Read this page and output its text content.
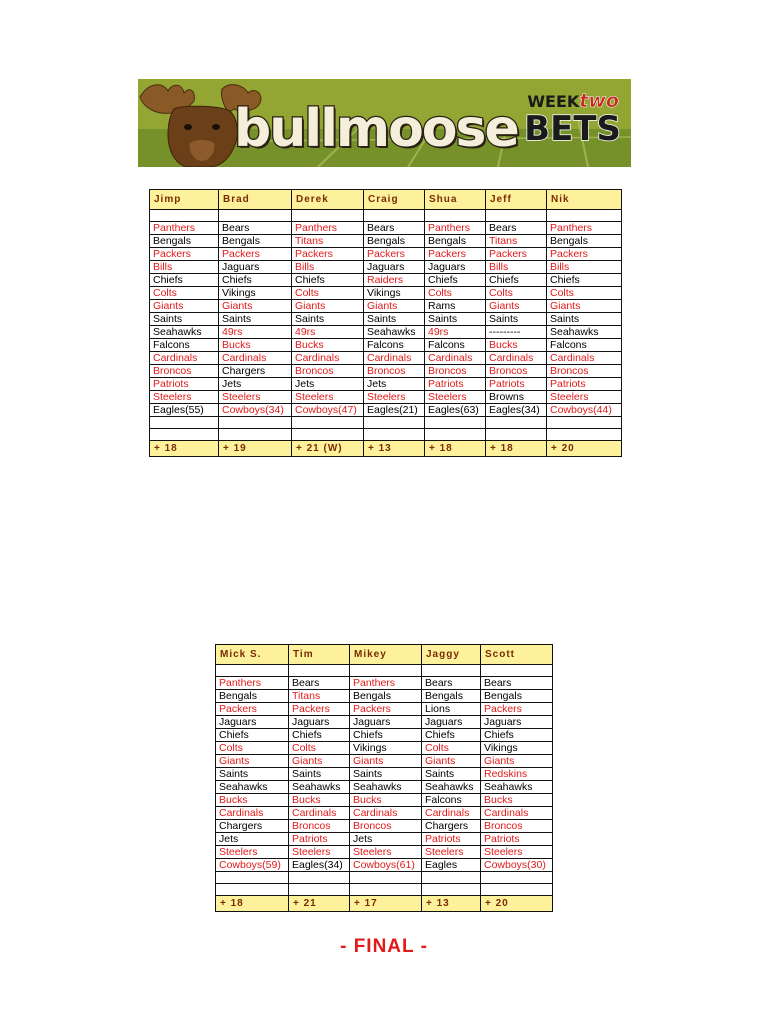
bullmoose WEEKtwo
BETS
Jimp	Brad	Derek	Craig	Shua	Jeff	Nik

Panthers	Bears	Panthers	Bears	Panthers	Bears	Panthers
Bengals	Bengals	Titans	Bengals	Bengals	Titans	Bengals
Packers	Packers	Packers	Packers	Packers	Packers	Packers
Bills	Jaguars	Bills	Jaguars	Jaguars	Bills	Bills
Chiefs	Chiefs	Chiefs	Raiders	Chiefs	Chiefs	Chiefs
Colts	Vikings	Colts	Vikings	Colts	Colts	Colts
Giants	Giants	Giants	Giants	Rams	Giants	Giants
Saints	Saints	Saints	Saints	Saints	Saints	Saints
Seahawks	49rs	49rs	Seahawks	49rs	---------	Seahawks
Falcons	Bucks	Bucks	Falcons	Falcons	Bucks	Falcons
Cardinals	Cardinals	Cardinals	Cardinals	Cardinals	Cardinals	Cardinals
Broncos	Chargers	Broncos	Broncos	Broncos	Broncos	Broncos
Patriots	Jets	Jets	Jets	Patriots	Patriots	Patriots
Steelers	Steelers	Steelers	Steelers	Steelers	Browns	Steelers
Eagles(55)	Cowboys(34)	Cowboys(47)	Eagles(21)	Eagles(63)	Eagles(34)	Cowboys(44)

+ 18	+ 19	+ 21 (W)	+ 13	+ 18	+ 18	+ 20
Mick S.	Tim	Mikey	Jaggy	Scott

Panthers	Bears	Panthers	Bears	Bears
Bengals	Titans	Bengals	Bengals	Bengals
Packers	Packers	Packers	Lions	Packers
Jaguars	Jaguars	Jaguars	Jaguars	Jaguars
Chiefs	Chiefs	Chiefs	Chiefs	Chiefs
Colts	Colts	Vikings	Colts	Vikings
Giants	Giants	Giants	Giants	Giants
Saints	Saints	Saints	Saints	Redskins
Seahawks	Seahawks	Seahawks	Seahawks	Seahawks
Bucks	Bucks	Bucks	Falcons	Bucks
Cardinals	Cardinals	Cardinals	Cardinals	Cardinals
Chargers	Broncos	Broncos	Chargers	Broncos
Jets	Patriots	Jets	Patriots	Patriots
Steelers	Steelers	Steelers	Steelers	Steelers
Cowboys(59)	Eagles(34)	Cowboys(61)	Eagles	Cowboys(30)

+ 18	+ 21	+ 17	+ 13	+ 20
- FINAL -
